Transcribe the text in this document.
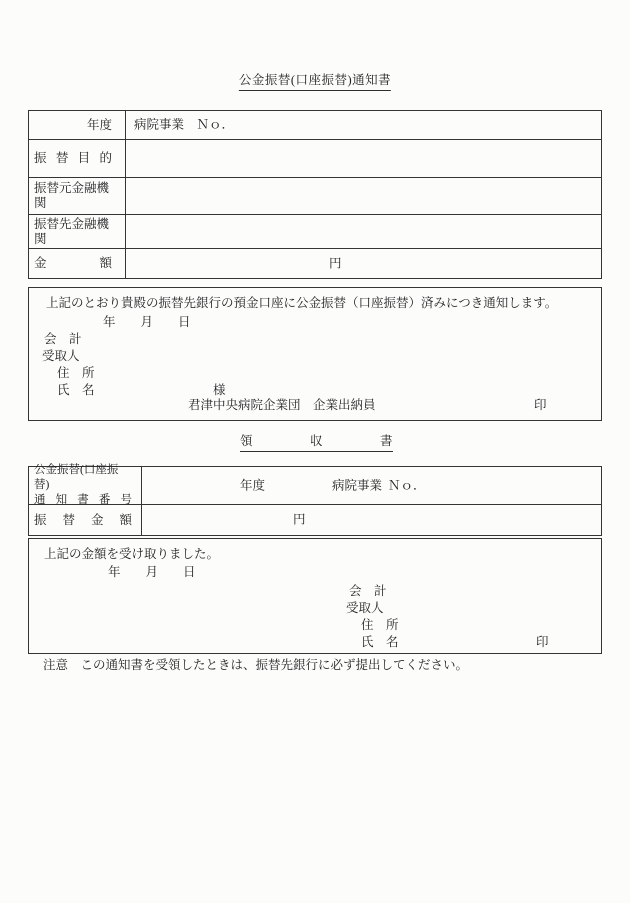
公金振替(口座振替)通知書
年度	病院事業　Ｎｏ．
振 替 目 的
振替元金融機関
振替先金融機関
金 額	円
上記のとおり貴殿の振替先銀行の預金口座に公金振替（口座振替）済みにつき通知します。
年　　月　　日
会　計
受取人
住　所
氏　名	様
君津中央病院企業団　企業出納員	印
領 収 書
公金振替(口座振替)
通 知 書 番 号
年度	病院事業 Ｎｏ．
振 替 金 額	円
上記の金額を受け取りました。
年　　月　　日
会　計
受取人
住　所
氏　名	印
注意　この通知書を受領したときは、振替先銀行に必ず提出してください。
